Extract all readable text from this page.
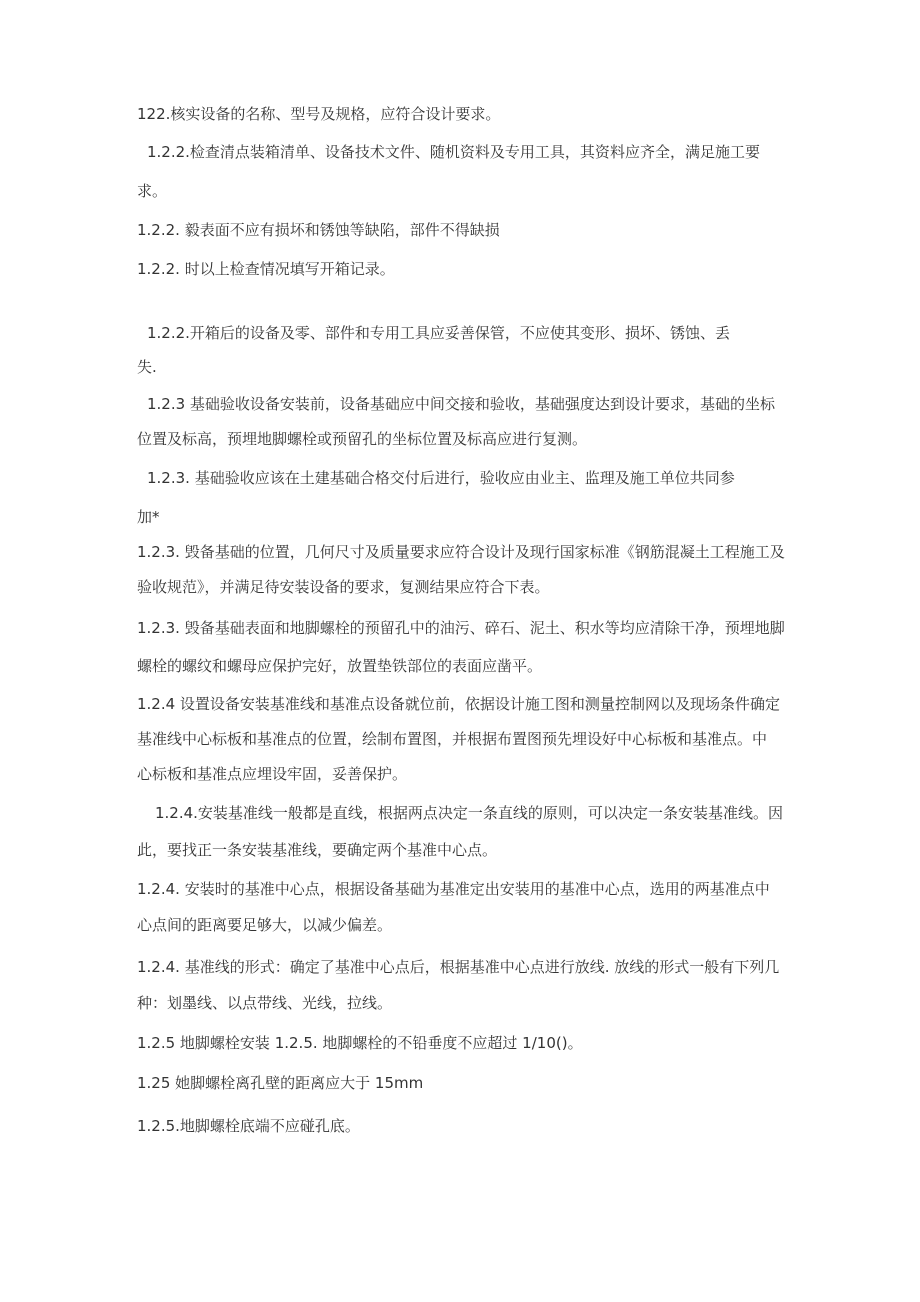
122.核实设备的名称、型号及规格，应符合设计要求。

1.2.2.检查清点装箱清单、设备技术文件、随机资料及专用工具，其资料应齐全，满足施工要

求。

1.2.2. 毅表面不应有损坏和锈蚀等缺陷，部件不得缺损

1.2.2. 时以上检查情况填写开箱记录。

1.2.2.开箱后的设备及零、部件和专用工具应妥善保管，不应使其变形、损坏、锈蚀、丢

失.

1.2.3 基础验收设备安装前，设备基础应中间交接和验收，基础强度达到设计要求，基础的坐标

位置及标高，预埋地脚螺栓或预留孔的坐标位置及标高应进行复测。

1.2.3. 基础验收应该在土建基础合格交付后进行，验收应由业主、监理及施工单位共同参

加*

1.2.3. 毁备基础的位置，几何尺寸及质量要求应符合设计及现行国家标准《钢筋混凝土工程施工及

验收规范》，并满足待安装设备的要求，复测结果应符合下表。

1.2.3. 毁备基础表面和地脚螺栓的预留孔中的油污、碎石、泥土、积水等均应清除干净，预埋地脚

螺栓的螺纹和螺母应保护完好，放置垫铁部位的表面应凿平。

1.2.4 设置设备安装基准线和基准点设备就位前，依据设计施工图和测量控制网以及现场条件确定

基准线中心标板和基准点的位置，绘制布置图，并根据布置图预先埋设好中心标板和基准点。中

心标板和基准点应埋设牢固，妥善保护。

1.2.4.安装基准线一般都是直线，根据两点决定一条直线的原则，可以决定一条安装基准线。因

此，要找正一条安装基准线，要确定两个基准中心点。

1.2.4. 安装时的基准中心点，根据设备基础为基准定出安装用的基准中心点，选用的两基准点中

心点间的距离要足够大，以减少偏差。

1.2.4. 基准线的形式：确定了基准中心点后，根据基准中心点进行放线. 放线的形式一般有下列几

种：划墨线、以点带线、光线，拉线。

1.2.5 地脚螺栓安装 1.2.5. 地脚螺栓的不铅垂度不应超过 1/10()。

1.25 她脚螺栓离孔壁的距离应大于 15mm

1.2.5.地脚螺栓底端不应碰孔底。
